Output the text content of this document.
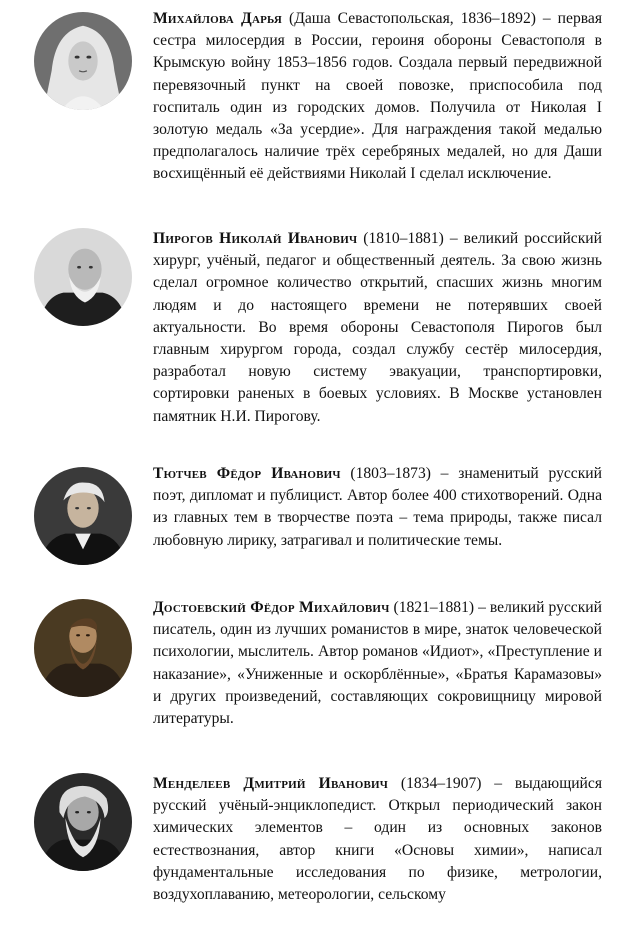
Михайлова Дарья (Даша Севастопольская, 1836–1892) – первая сестра милосердия в России, героиня обороны Севастополя в Крымскую войну 1853–1856 годов. Создала первый передвижной перевязочный пункт на своей повозке, приспособила под госпиталь один из городских домов. Получила от Николая I золотую медаль «За усердие». Для награждения такой медалью предполагалось наличие трёх серебряных медалей, но для Даши восхищённый её действиями Николай I сделал исключение.
Пирогов Николай Иванович (1810–1881) – великий российский хирург, учёный, педагог и общественный деятель. За свою жизнь сделал огромное количество открытий, спасших жизнь многим людям и до настоящего времени не потерявших своей актуальности. Во время обороны Севастополя Пирогов был главным хирургом города, создал службу сестёр милосердия, разработал новую систему эвакуации, транспортировки, сортировки раненых в боевых условиях. В Москве установлен памятник Н.И. Пирогову.
Тютчев Фёдор Иванович (1803–1873) – знаменитый русский поэт, дипломат и публицист. Автор более 400 стихотворений. Одна из главных тем в творчестве поэта – тема природы, также писал любовную лирику, затрагивал и политические темы.
Достоевский Фёдор Михайлович (1821–1881) – великий русский писатель, один из лучших романистов в мире, знаток человеческой психологии, мыслитель. Автор романов «Идиот», «Преступление и наказание», «Униженные и оскорблённые», «Братья Карамазовы» и других произведений, составляющих сокровищницу мировой литературы.
Менделеев Дмитрий Иванович (1834–1907) – выдающийся русский учёный-энциклопедист. Открыл периодический закон химических элементов – один из основных законов естествознания, автор книги «Основы химии», написал фундаментальные исследования по физике, метрологии, воздухоплаванию, метеорологии, сельскому
